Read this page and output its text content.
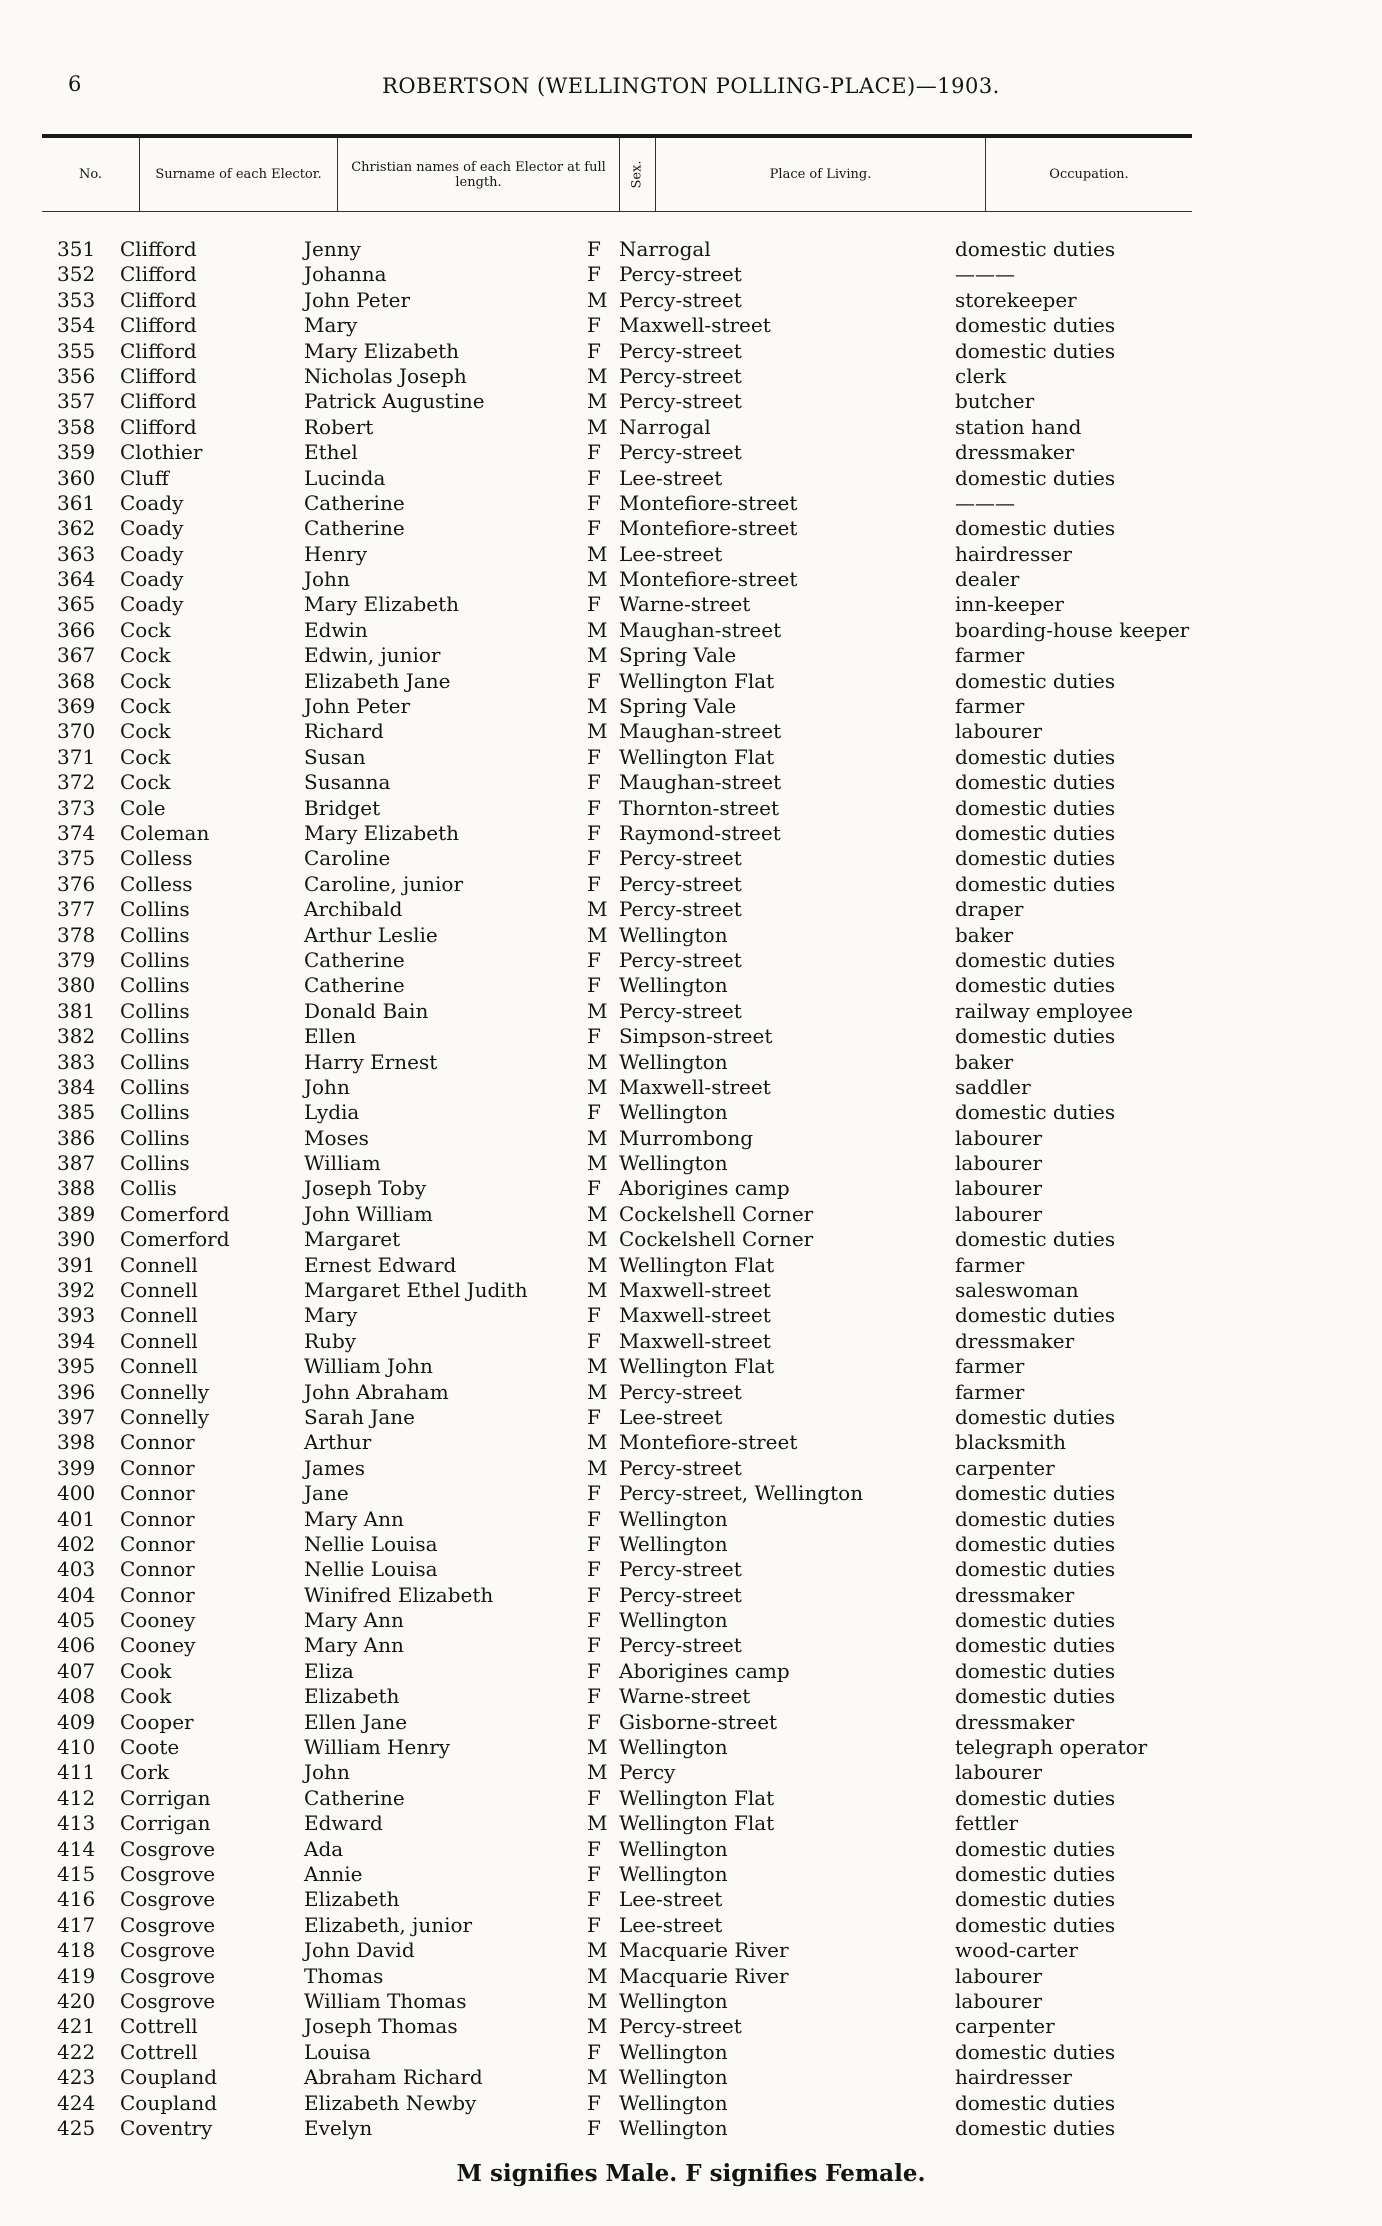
6	ROBERTSON (WELLINGTON POLLING-PLACE)—1903.
No.	Surname of each Elector.	Christian names of each Elector at full length.	Sex.	Place of Living.	Occupation.
351 Clifford	Jenny	F Narrogal	domestic duties
352 Clifford	Johanna	F Percy-street	———
353 Clifford	John Peter	M Percy-street	storekeeper
354 Clifford	Mary	F Maxwell-street	domestic duties
355 Clifford	Mary Elizabeth	F Percy-street	domestic duties
356 Clifford	Nicholas Joseph	M Percy-street	clerk
357 Clifford	Patrick Augustine	M Percy-street	butcher
358 Clifford	Robert	M Narrogal	station hand
359 Clothier	Ethel	F Percy-street	dressmaker
360 Cluff	Lucinda	F Lee-street	domestic duties
361 Coady	Catherine	F Montefiore-street	———
362 Coady	Catherine	F Montefiore-street	domestic duties
363 Coady	Henry	M Lee-street	hairdresser
364 Coady	John	M Montefiore-street	dealer
365 Coady	Mary Elizabeth	F Warne-street	inn-keeper
366 Cock	Edwin	M Maughan-street	boarding-house keeper
367 Cock	Edwin, junior	M Spring Vale	farmer
368 Cock	Elizabeth Jane	F Wellington Flat	domestic duties
369 Cock	John Peter	M Spring Vale	farmer
370 Cock	Richard	M Maughan-street	labourer
371 Cock	Susan	F Wellington Flat	domestic duties
372 Cock	Susanna	F Maughan-street	domestic duties
373 Cole	Bridget	F Thornton-street	domestic duties
374 Coleman	Mary Elizabeth	F Raymond-street	domestic duties
375 Colless	Caroline	F Percy-street	domestic duties
376 Colless	Caroline, junior	F Percy-street	domestic duties
377 Collins	Archibald	M Percy-street	draper
378 Collins	Arthur Leslie	M Wellington	baker
379 Collins	Catherine	F Percy-street	domestic duties
380 Collins	Catherine	F Wellington	domestic duties
381 Collins	Donald Bain	M Percy-street	railway employee
382 Collins	Ellen	F Simpson-street	domestic duties
383 Collins	Harry Ernest	M Wellington	baker
384 Collins	John	M Maxwell-street	saddler
385 Collins	Lydia	F Wellington	domestic duties
386 Collins	Moses	M Murrombong	labourer
387 Collins	William	M Wellington	labourer
388 Collis	Joseph Toby	F Aborigines camp	labourer
389 Comerford	John William	M Cockelshell Corner	labourer
390 Comerford	Margaret	M Cockelshell Corner	domestic duties
391 Connell	Ernest Edward	M Wellington Flat	farmer
392 Connell	Margaret Ethel Judith	M Maxwell-street	saleswoman
393 Connell	Mary	F Maxwell-street	domestic duties
394 Connell	Ruby	F Maxwell-street	dressmaker
395 Connell	William John	M Wellington Flat	farmer
396 Connelly	John Abraham	M Percy-street	farmer
397 Connelly	Sarah Jane	F Lee-street	domestic duties
398 Connor	Arthur	M Montefiore-street	blacksmith
399 Connor	James	M Percy-street	carpenter
400 Connor	Jane	F Percy-street, Wellington	domestic duties
401 Connor	Mary Ann	F Wellington	domestic duties
402 Connor	Nellie Louisa	F Wellington	domestic duties
403 Connor	Nellie Louisa	F Percy-street	domestic duties
404 Connor	Winifred Elizabeth	F Percy-street	dressmaker
405 Cooney	Mary Ann	F Wellington	domestic duties
406 Cooney	Mary Ann	F Percy-street	domestic duties
407 Cook	Eliza	F Aborigines camp	domestic duties
408 Cook	Elizabeth	F Warne-street	domestic duties
409 Cooper	Ellen Jane	F Gisborne-street	dressmaker
410 Coote	William Henry	M Wellington	telegraph operator
411 Cork	John	M Percy	labourer
412 Corrigan	Catherine	F Wellington Flat	domestic duties
413 Corrigan	Edward	M Wellington Flat	fettler
414 Cosgrove	Ada	F Wellington	domestic duties
415 Cosgrove	Annie	F Wellington	domestic duties
416 Cosgrove	Elizabeth	F Lee-street	domestic duties
417 Cosgrove	Elizabeth, junior	F Lee-street	domestic duties
418 Cosgrove	John David	M Macquarie River	wood-carter
419 Cosgrove	Thomas	M Macquarie River	labourer
420 Cosgrove	William Thomas	M Wellington	labourer
421 Cottrell	Joseph Thomas	M Percy-street	carpenter
422 Cottrell	Louisa	F Wellington	domestic duties
423 Coupland	Abraham Richard	M Wellington	hairdresser
424 Coupland	Elizabeth Newby	F Wellington	domestic duties
425 Coventry	Evelyn	F Wellington	domestic duties
M signifies Male. F signifies Female.
